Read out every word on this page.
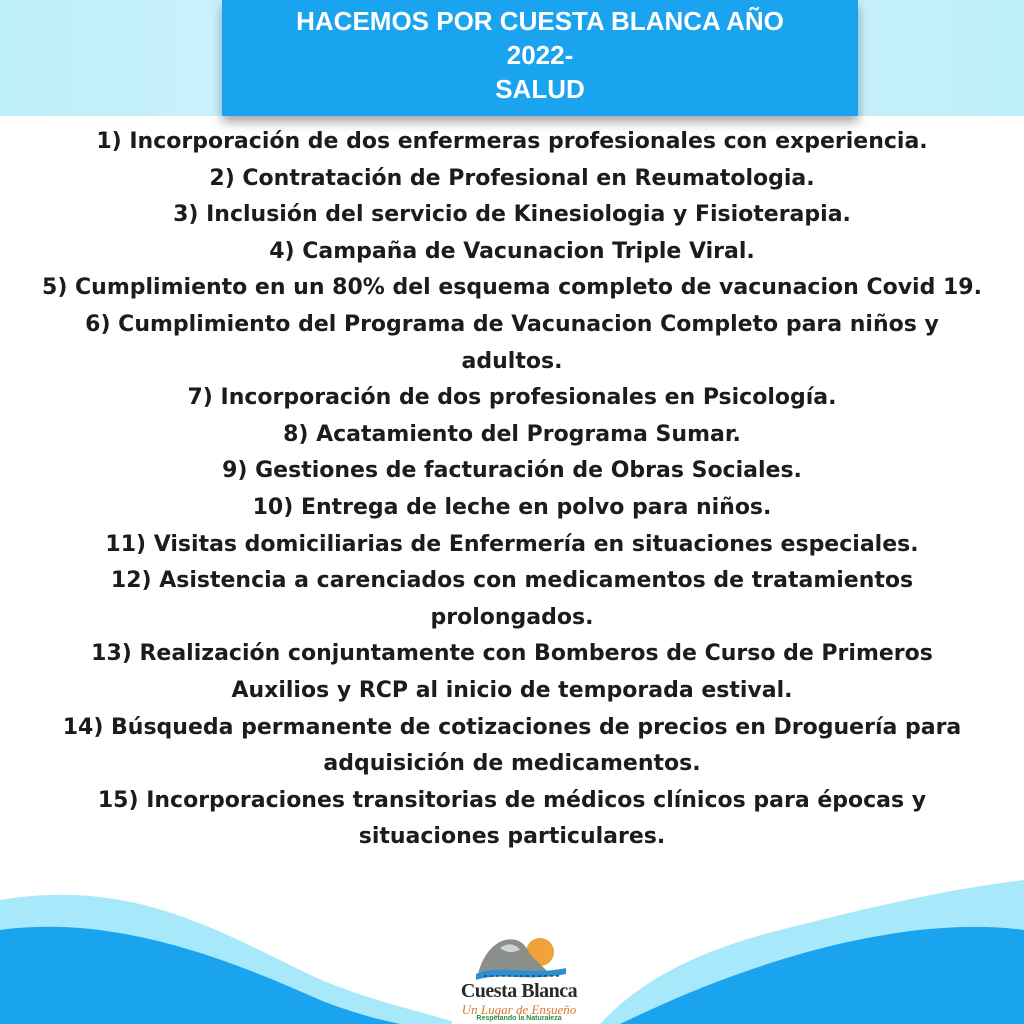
HACEMOS POR CUESTA BLANCA AÑO
2022-
SALUD
1) Incorporación de dos enfermeras profesionales con experiencia.
2) Contratación de Profesional en Reumatologia.
3) Inclusión del servicio de Kinesiologia y Fisioterapia.
4) Campaña de Vacunacion Triple Viral.
5) Cumplimiento en un 80% del esquema completo de vacunacion Covid 19.
6) Cumplimiento del Programa de Vacunacion Completo para niños y adultos.
7) Incorporación de dos profesionales en Psicología.
8) Acatamiento del Programa Sumar.
9) Gestiones de facturación de Obras Sociales.
10) Entrega de leche en polvo para niños.
11) Visitas domiciliarias de Enfermería en situaciones especiales.
12) Asistencia a carenciados con medicamentos de tratamientos prolongados.
13) Realización conjuntamente con Bomberos de Curso de Primeros Auxilios y RCP al inicio de temporada estival.
14) Búsqueda permanente de cotizaciones de precios en Droguería para adquisición de medicamentos.
15) Incorporaciones transitorias de médicos clínicos para épocas y situaciones particulares.
Cuesta Blanca
Un Lugar de Ensueño
Respetando la Naturaleza
